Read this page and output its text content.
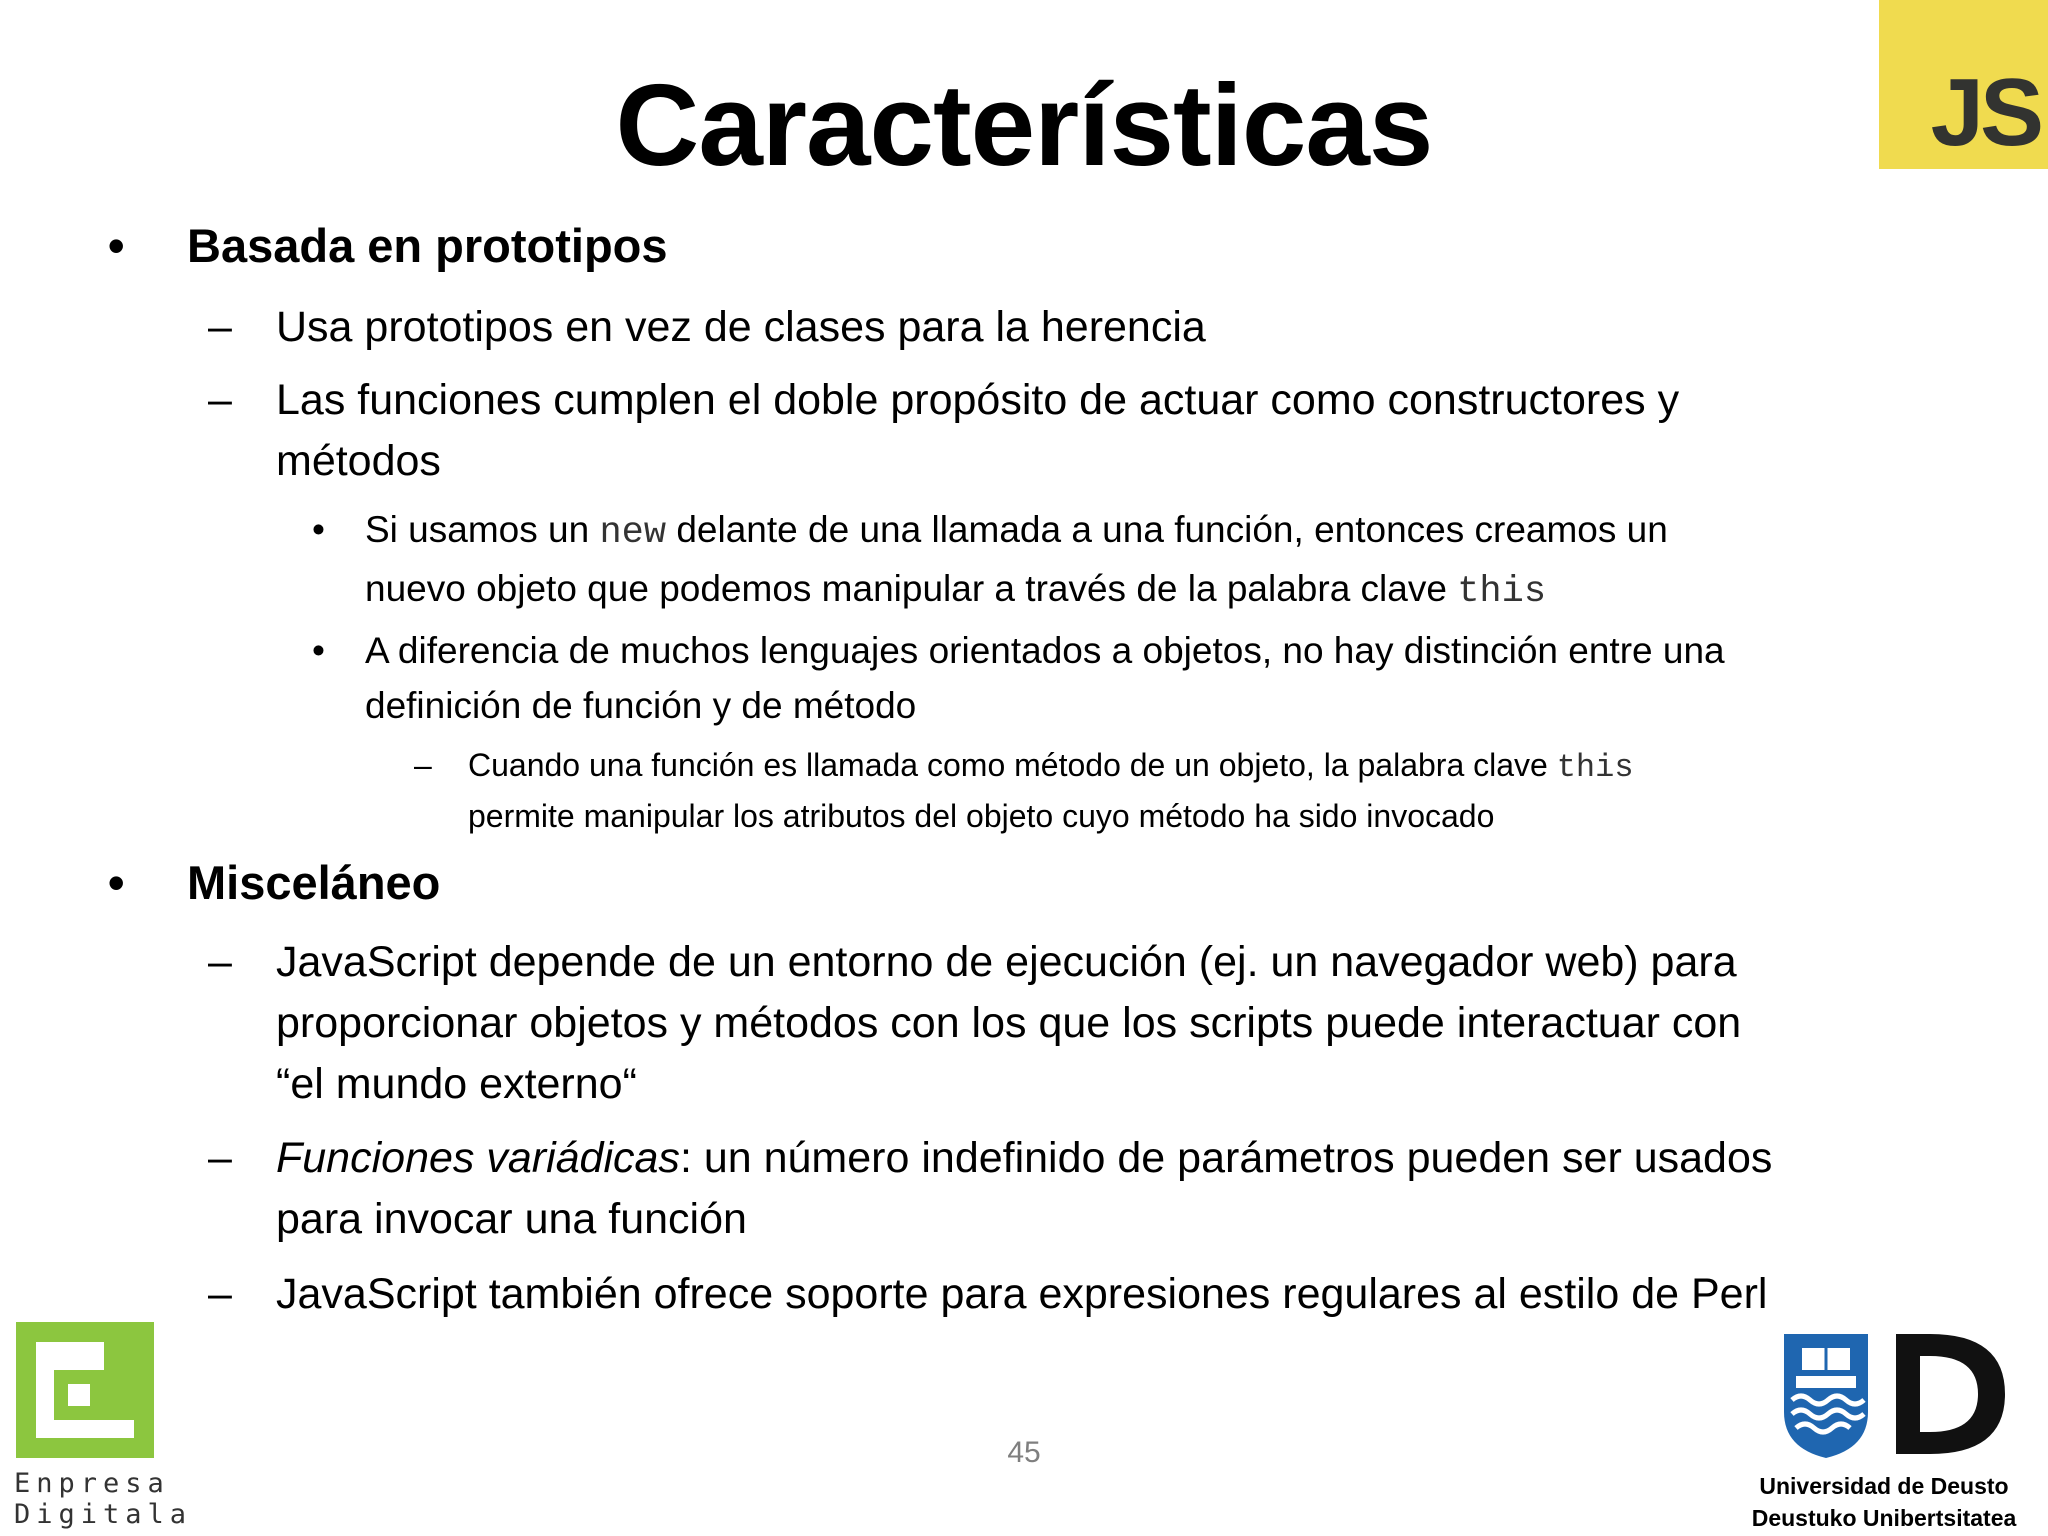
Características	JS
• Basada en prototipos
– Usa prototipos en vez de clases para la herencia
– Las funciones cumplen el doble propósito de actuar como constructores y
métodos
• Si usamos un new delante de una llamada a una función, entonces creamos un
nuevo objeto que podemos manipular a través de la palabra clave this
• A diferencia de muchos lenguajes orientados a objetos, no hay distinción entre una
definición de función y de método
– Cuando una función es llamada como método de un objeto, la palabra clave this
permite manipular los atributos del objeto cuyo método ha sido invocado
• Misceláneo
– JavaScript depende de un entorno de ejecución (ej. un navegador web) para
proporcionar objetos y métodos con los que los scripts puede interactuar con
“el mundo externo“
– Funciones variádicas: un número indefinido de parámetros pueden ser usados
para invocar una función
– JavaScript también ofrece soporte para expresiones regulares al estilo de Perl
45
Enpresa
Digitala
Universidad de Deusto
Deustuko Unibertsitatea
